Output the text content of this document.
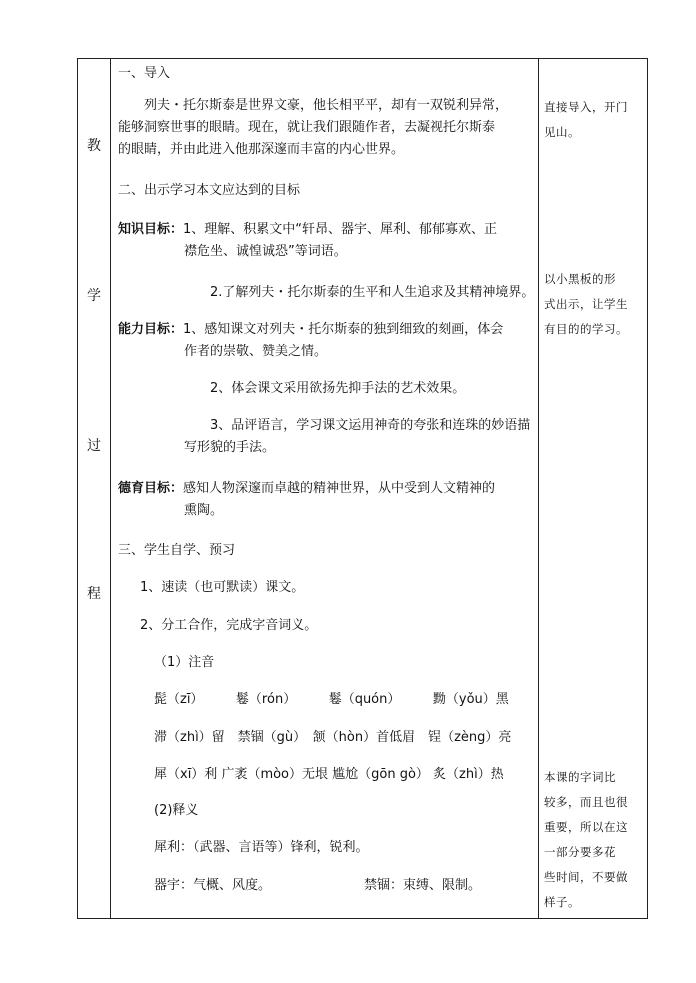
教
学
过
程
一、导入
列夫・托尔斯泰是世界文豪，他长相平平，却有一双锐利异常，
能够洞察世事的眼睛。现在，就让我们跟随作者，去凝视托尔斯泰
的眼睛，并由此进入他那深邃而丰富的内心世界。
二、出示学习本文应达到的目标
知识目标：1、理解、积累文中“轩昂、器宇、犀利、郁郁寡欢、正
襟危坐、诚惶诚恐”等词语。
2.了解列夫・托尔斯泰的生平和人生追求及其精神境界。
能力目标：1、感知课文对列夫・托尔斯泰的独到细致的刻画，体会
作者的崇敬、赞美之情。
2、体会课文采用欲扬先抑手法的艺术效果。
3、品评语言，学习课文运用神奇的夸张和连珠的妙语描
写形貌的手法。
德育目标：感知人物深邃而卓越的精神世界，从中受到人文精神的
熏陶。
三、学生自学、预习
1、速读（也可默读）课文。
2、分工合作，完成字音词义。
（1）注音
髭（zī）　　　鬈（rón）　　　鬈（quón）　　　黝（yǒu）黑
滞（zhì）留　禁锢（gù）　颔（hòn）首低眉　锃（zèng）亮
犀（xī）利 广袤（mòo）无垠 尴尬（gōn gò） 炙（zhì）热
(2)释义
犀利：（武器、言语等）锋利，锐利。
器宇：气概、风度。	禁锢：束缚、限制。
直接导入，开门
见山。
以小黑板的形
式出示，让学生
有目的的学习。
本课的字词比
较多，而且也很
重要，所以在这
一部分要多花
些时间，不要做
样子。
